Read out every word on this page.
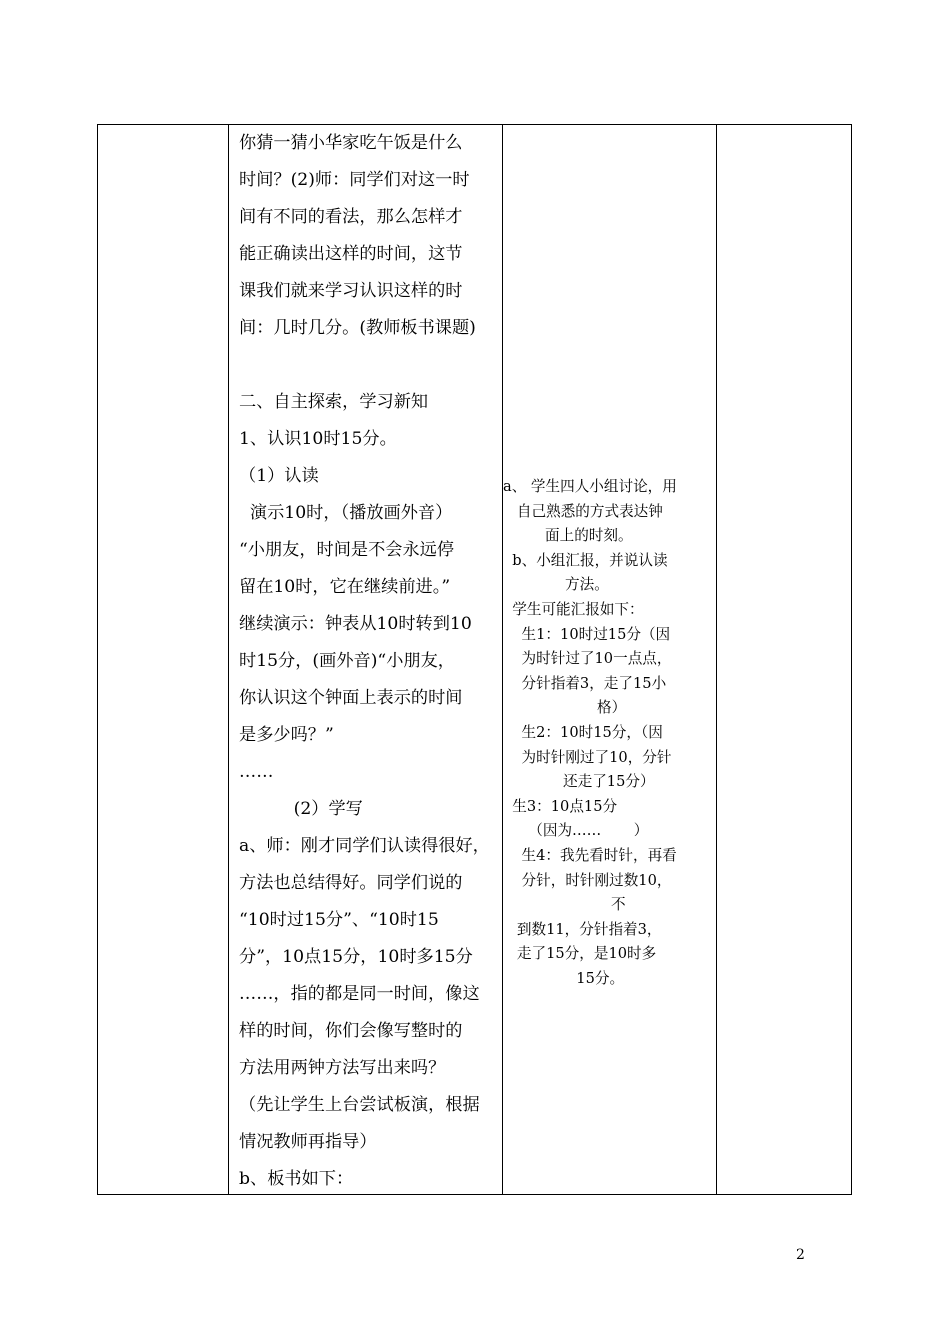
你猜一猜小华家吃午饭是什么
时间？(2)师：同学们对这一时
间有不同的看法，那么怎样才
能正确读出这样的时间，这节
课我们就来学习认识这样的时
间：几时几分。(教师板书课题)
二、自主探索，学习新知
1、认识10时15分。
（1）认读
演示10时，（播放画外音）
“小朋友，时间是不会永远停
留在10时，它在继续前进。”
继续演示：钟表从10时转到10
时15分，(画外音)“小朋友，
你认识这个钟面上表示的时间
是多少吗？”
……
(2）学写
a、师：刚才同学们认读得很好，
方法也总结得好。同学们说的
“10时过15分”、“10时15
分”，10点15分，10时多15分
……，指的都是同一时间，像这
样的时间，你们会像写整时的
方法用两钟方法写出来吗？
（先让学生上台尝试板演，根据
情况教师再指导）
b、板书如下：
a、 学生四人小组讨论，用
自己熟悉的方式表达钟
面上的时刻。
b、小组汇报，并说认读
方法。
学生可能汇报如下：
生1：10时过15分（因
为时针过了10一点点，
分针指着3，走了15小
格）
生2：10时15分，（因
为时针刚过了10，分针
还走了15分）
生3：10点15分
（因为……       ）
生4：我先看时针，再看
分针，时针刚过数10，
不
到数11，分针指着3，
走了15分，是10时多
15分。
2
